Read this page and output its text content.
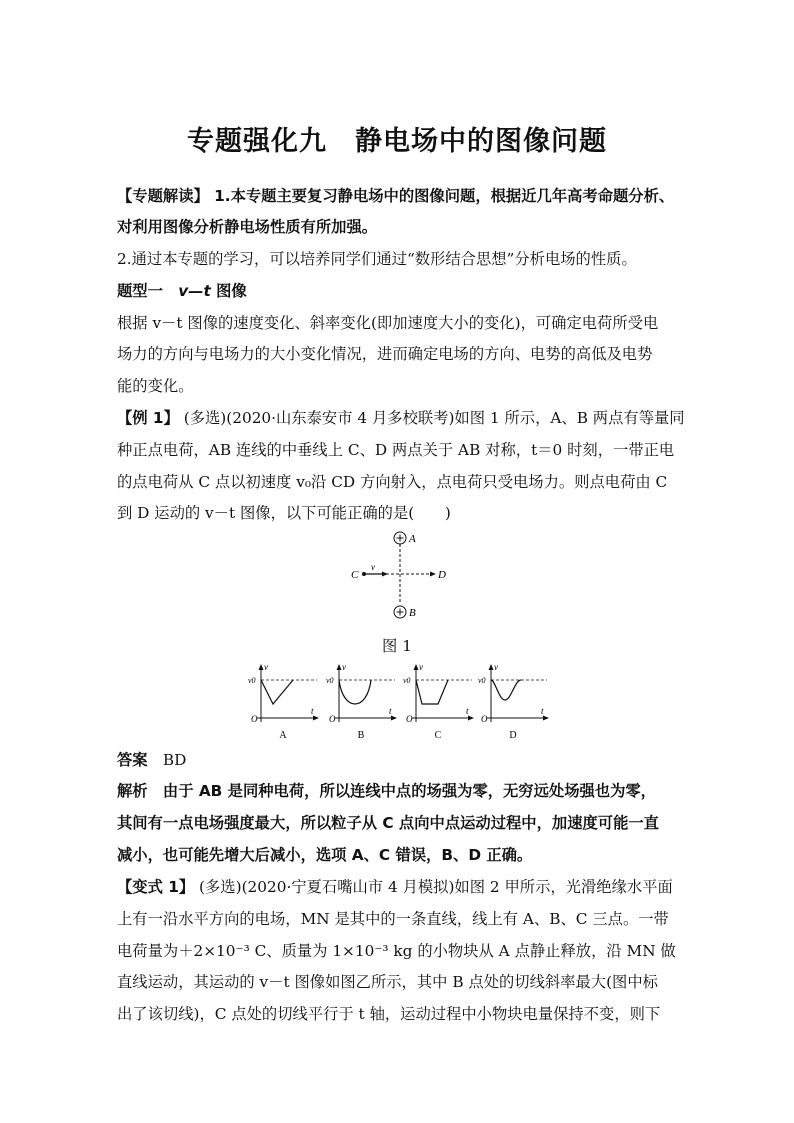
专题强化九　静电场中的图像问题

【专题解读】 1.本专题主要复习静电场中的图像问题，根据近几年高考命题分析、

对利用图像分析静电场性质有所加强。

2.通过本专题的学习，可以培养同学们通过“数形结合思想”分析电场的性质。

题型一　v—t 图像

根据 v－t 图像的速度变化、斜率变化(即加速度大小的变化)，可确定电荷所受电

场力的方向与电场力的大小变化情况，进而确定电场的方向、电势的高低及电势

能的变化。

【例 1】 (多选)(2020·山东泰安市 4 月多校联考)如图 1 所示，A、B 两点有等量同

种正点电荷，AB 连线的中垂线上 C、D 两点关于 AB 对称，t＝0 时刻，一带正电

的点电荷从 C 点以初速度 v₀沿 CD 方向射入，点电荷只受电场力。则点电荷由 C

到 D 运动的 v－t 图像，以下可能正确的是(　　)

A
B
C	D
v

图 1

v
t
O
v0
A
v
t
O
v0
B
v
t
O
v0
C
v
t
O
v0
D

答案　 BD

解析　 由于 AB 是同种电荷，所以连线中点的场强为零，无穷远处场强也为零，

其间有一点电场强度最大，所以粒子从 C 点向中点运动过程中，加速度可能一直

减小，也可能先增大后减小，选项 A、C 错误，B、D 正确。

【变式 1】 (多选)(2020·宁夏石嘴山市 4 月模拟)如图 2 甲所示，光滑绝缘水平面

上有一沿水平方向的电场，MN 是其中的一条直线，线上有 A、B、C 三点。一带

电荷量为＋2×10⁻³ C、质量为 1×10⁻³ kg 的小物块从 A 点静止释放，沿 MN 做

直线运动，其运动的 v－t 图像如图乙所示，其中 B 点处的切线斜率最大(图中标

出了该切线)，C 点处的切线平行于 t 轴，运动过程中小物块电量保持不变，则下
